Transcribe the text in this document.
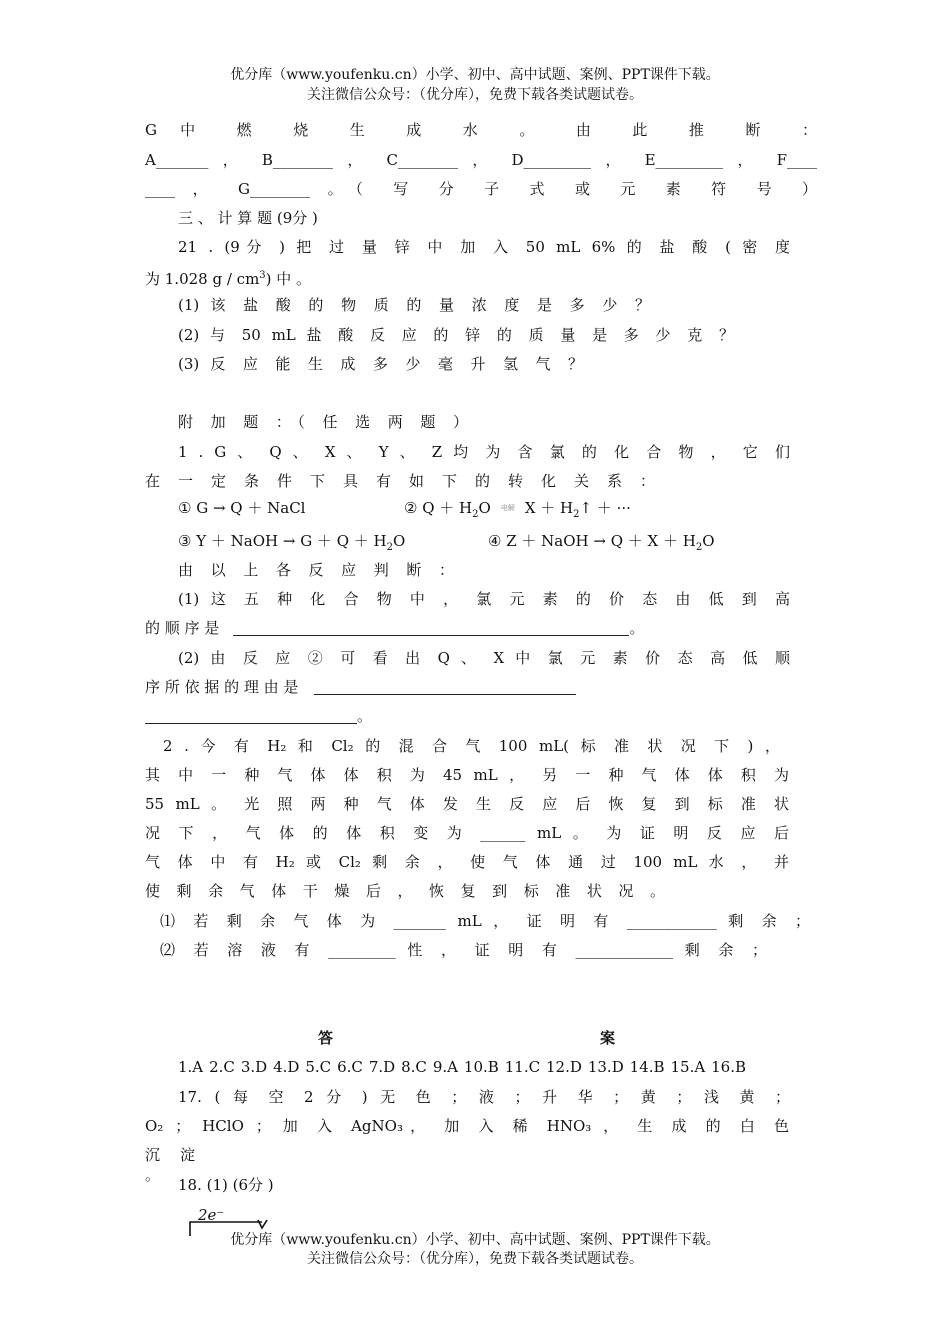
优分库（www.youfenku.cn）小学、初中、高中试题、案例、PPT课件下载。
关注微信公众号：（优分库），免费下载各类试题试卷。
G 中 燃 烧 生 成 水 。 由 此 推 断 ：
A_______ ， B________ ， C________ ， D_________ ， E_________ ， F____
____ ， G________ 。（ 写 分 子 式 或 元 素 符 号 ）
三 、 计 算 题 (9分 )
21 . (9分 ) 把 过 量 锌 中 加 入 50 mL 6% 的 盐 酸 ( 密 度
为 1.028 g / $cm^3$) 中 。
(1) 该 盐 酸 的 物 质 的 量 浓 度 是 多 少 ？
(2) 与 50 mL 盐 酸 反 应 的 锌 的 质 量 是 多 少 克 ？
(3) 反 应 能 生 成 多 少 毫 升 氢 气 ？
附 加 题 ：（ 任 选 两 题 ）
1 . G 、 Q 、 X 、 Y 、 Z 均 为 含 氯 的 化 合 物 ， 它 们
在 一 定 条 件 下 具 有 如 下 的 转 化 关 系 ：
① G → Q ＋ NaCl	② $Q + H_2O$ 电解 $X + H_2↑$ ＋ ···
③ Y ＋ NaOH → $G + Q + H_2O$	④ Z ＋ NaOH → $Q + X + H_2O$
由 以 上 各 反 应 判 断 ：
(1) 这 五 种 化 合 物 中 ， 氯 元 素 的 价 态 由 低 到 高
的 顺 序 是	。
(2) 由 反 应 ② 可 看 出 Q 、 X 中 氯 元 素 价 态 高 低 顺
序 所 依 据 的 理 由 是
。
2 . 今 有 H₂ 和 Cl₂ 的 混 合 气 100 mL( 标 准 状 况 下 ) ，
其 中 一 种 气 体 体 积 为 45 mL ， 另 一 种 气 体 体 积 为
55 mL 。 光 照 两 种 气 体 发 生 反 应 后 恢 复 到 标 准 状
况 下 ， 气 体 的 体 积 变 为 ______ mL 。 为 证 明 反 应 后
气 体 中 有 H₂ 或 Cl₂ 剩 余 ， 使 气 体 通 过 100 mL 水 ， 并
使 剩 余 气 体 干 燥 后 ， 恢 复 到 标 准 状 况 。
⑴ 若 剩 余 气 体 为 _______ mL ， 证 明 有 ____________ 剩 余 ；
⑵ 若 溶 液 有 _________ 性 ， 证 明 有 _____________ 剩 余 ；
答	案
1.A 2.C 3.D 4.D 5.C 6.C 7.D 8.C 9.A 10.B 11.C 12.D 13.D 14.B 15.A 16.B
17. ( 每 空 2 分 ) 无 色 ； 液 ； 升 华 ； 黄 ； 浅 黄 ；
O₂ ； HClO ； 加 入 AgNO₃， 加 入 稀 HNO₃ ， 生 成 的 白 色
沉 淀 。
18. (1) (6分 )
2e⁻
优分库（www.youfenku.cn）小学、初中、高中试题、案例、PPT课件下载。
关注微信公众号：（优分库），免费下载各类试题试卷。
